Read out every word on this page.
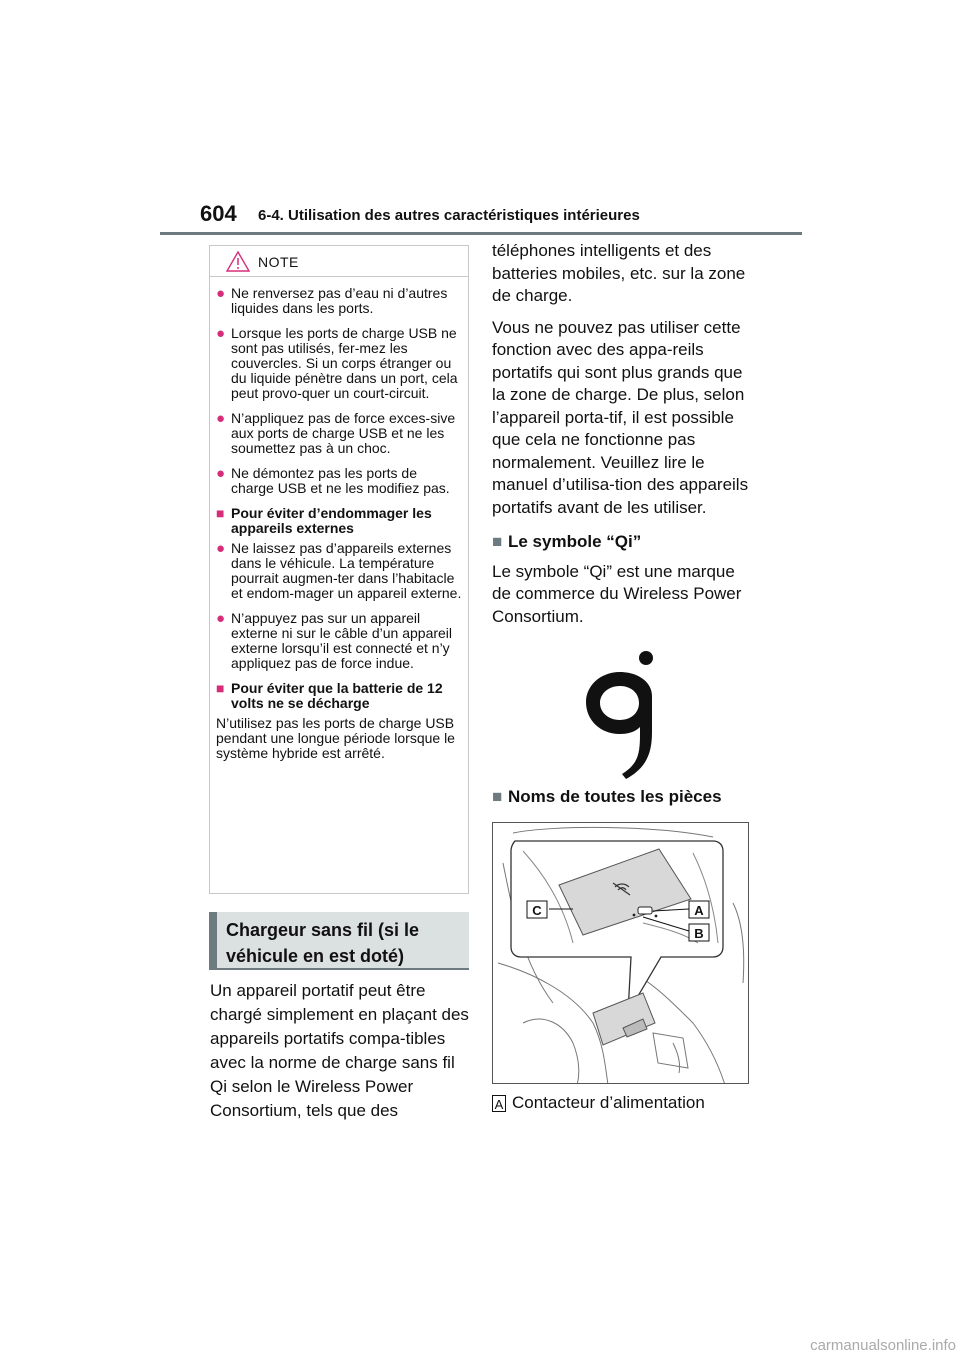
604 6-4. Utilisation des autres caractéristiques intérieures
NOTE
● Ne renversez pas d’eau ni d’autres liquides dans les ports.
● Lorsque les ports de charge USB ne sont pas utilisés, fer-mez les couvercles. Si un corps étranger ou du liquide pénètre dans un port, cela peut provo-quer un court-circuit.
● N’appliquez pas de force exces-sive aux ports de charge USB et ne les soumettez pas à un choc.
● Ne démontez pas les ports de charge USB et ne les modifiez pas.
■ Pour éviter d’endommager les appareils externes
● Ne laissez pas d’appareils externes dans le véhicule. La température pourrait augmen-ter dans l’habitacle et endom-mager un appareil externe.
● N’appuyez pas sur un appareil externe ni sur le câble d’un appareil externe lorsqu’il est connecté et n’y appliquez pas de force indue.
■ Pour éviter que la batterie de 12 volts ne se décharge
N’utilisez pas les ports de charge USB pendant une longue période lorsque le système hybride est arrêté.
Chargeur sans fil (si le véhicule en est doté)
Un appareil portatif peut être chargé simplement en plaçant des appareils portatifs compa-tibles avec la norme de charge sans fil Qi selon le Wireless Power Consortium, tels que des

téléphones intelligents et des batteries mobiles, etc. sur la zone de charge.

Vous ne pouvez pas utiliser cette fonction avec des appa-reils portatifs qui sont plus grands que la zone de charge. De plus, selon l’appareil porta-tif, il est possible que cela ne fonctionne pas normalement. Veuillez lire le manuel d’utilisa-tion des appareils portatifs avant de les utiliser.

■ Le symbole “Qi”

Le symbole “Qi” est une marque de commerce du Wireless Power Consortium.

■ Noms de toutes les pièces
A
B
C
A Contacteur d’alimentation
carmanualsonline.info
